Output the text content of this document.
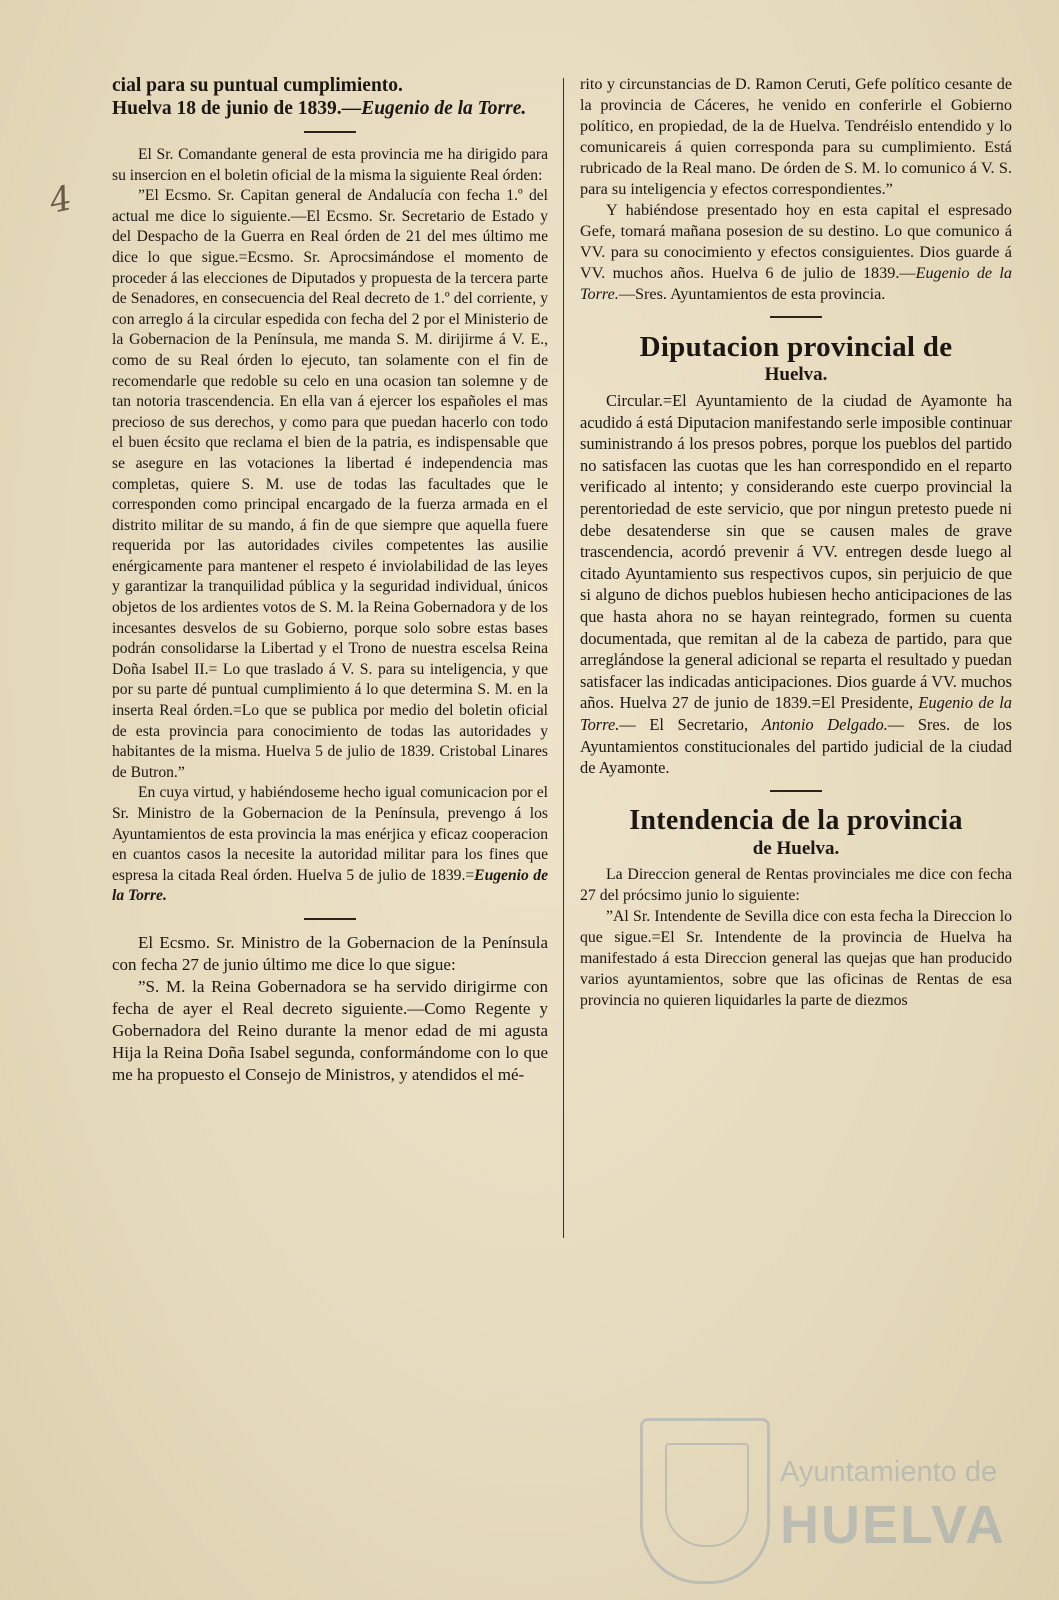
4

cial para su puntual cumplimiento.

Huelva 18 de junio de 1839.—Eugenio de la Torre.

El Sr. Comandante general de esta provincia me ha dirigido para su insercion en el boletin oficial de la misma la siguiente Real órden:

”El Ecsmo. Sr. Capitan general de Andalucía con fecha 1.º del actual me dice lo siguiente.—El Ecsmo. Sr. Secretario de Estado y del Despacho de la Guerra en Real órden de 21 del mes último me dice lo que sigue.=Ecsmo. Sr. Aprocsimándose el momento de proceder á las elecciones de Diputados y propuesta de la tercera parte de Senadores, en consecuencia del Real decreto de 1.º del corriente, y con arreglo á la circular espedida con fecha del 2 por el Ministerio de la Gobernacion de la Península, me manda S. M. dirijirme á V. E., como de su Real órden lo ejecuto, tan solamente con el fin de recomendarle que redoble su celo en una ocasion tan solemne y de tan notoria trascendencia. En ella van á ejercer los españoles el mas precioso de sus derechos, y como para que puedan hacerlo con todo el buen écsito que reclama el bien de la patria, es indispensable que se asegure en las votaciones la libertad é independencia mas completas, quiere S. M. use de todas las facultades que le corresponden como principal encargado de la fuerza armada en el distrito militar de su mando, á fin de que siempre que aquella fuere requerida por las autoridades civiles competentes las ausilie enérgicamente para mantener el respeto é inviolabilidad de las leyes y garantizar la tranquilidad pública y la seguridad individual, únicos objetos de los ardientes votos de S. M. la Reina Gobernadora y de los incesantes desvelos de su Gobierno, porque solo sobre estas bases podrán consolidarse la Libertad y el Trono de nuestra escelsa Reina Doña Isabel II.= Lo que traslado á V. S. para su inteligencia, y que por su parte dé puntual cumplimiento á lo que determina S. M. en la inserta Real órden.=Lo que se publica por medio del boletin oficial de esta provincia para conocimiento de todas las autoridades y habitantes de la misma. Huelva 5 de julio de 1839. Cristobal Linares de Butron.”

En cuya virtud, y habiéndoseme hecho igual comunicacion por el Sr. Ministro de la Gobernacion de la Península, prevengo á los Ayuntamientos de esta provincia la mas enérjica y eficaz cooperacion en cuantos casos la necesite la autoridad militar para los fines que espresa la citada Real órden. Huelva 5 de julio de 1839.=Eugenio de la Torre.

El Ecsmo. Sr. Ministro de la Gobernacion de la Península con fecha 27 de junio último me dice lo que sigue:

”S. M. la Reina Gobernadora se ha servido dirigirme con fecha de ayer el Real decreto siguiente.—Como Regente y Gobernadora del Reino durante la menor edad de mi agusta Hija la Reina Doña Isabel segunda, conformándome con lo que me ha propuesto el Consejo de Ministros, y atendidos el mé-

rito y circunstancias de D. Ramon Ceruti, Gefe político cesante de la provincia de Cáceres, he venido en conferirle el Gobierno político, en propiedad, de la de Huelva. Tendréislo entendido y lo comunicareis á quien corresponda para su cumplimiento. Está rubricado de la Real mano. De órden de S. M. lo comunico á V. S. para su inteligencia y efectos correspondientes.”

Y habiéndose presentado hoy en esta capital el espresado Gefe, tomará mañana posesion de su destino. Lo que comunico á VV. para su conocimiento y efectos consiguientes. Dios guarde á VV. muchos años. Huelva 6 de julio de 1839.—Eugenio de la Torre.—Sres. Ayuntamientos de esta provincia.

Diputacion provincial de
Huelva.

Circular.=El Ayuntamiento de la ciudad de Ayamonte ha acudido á está Diputacion manifestando serle imposible continuar suministrando á los presos pobres, porque los pueblos del partido no satisfacen las cuotas que les han correspondido en el reparto verificado al intento; y considerando este cuerpo provincial la perentoriedad de este servicio, que por ningun pretesto puede ni debe desatenderse sin que se causen males de grave trascendencia, acordó prevenir á VV. entregen desde luego al citado Ayuntamiento sus respectivos cupos, sin perjuicio de que si alguno de dichos pueblos hubiesen hecho anticipaciones de las que hasta ahora no se hayan reintegrado, formen su cuenta documentada, que remitan al de la cabeza de partido, para que arreglándose la general adicional se reparta el resultado y puedan satisfacer las indicadas anticipaciones. Dios guarde á VV. muchos años. Huelva 27 de junio de 1839.=El Presidente, Eugenio de la Torre.— El Secretario, Antonio Delgado.— Sres. de los Ayuntamientos constitucionales del partido judicial de la ciudad de Ayamonte.

Intendencia de la provincia
de Huelva.

La Direccion general de Rentas provinciales me dice con fecha 27 del prócsimo junio lo siguiente:

”Al Sr. Intendente de Sevilla dice con esta fecha la Direccion lo que sigue.=El Sr. Intendente de la provincia de Huelva ha manifestado á esta Direccion general las quejas que han producido varios ayuntamientos, sobre que las oficinas de Rentas de esa provincia no quieren liquidarles la parte de diezmos

Ayuntamiento de
HUELVA
